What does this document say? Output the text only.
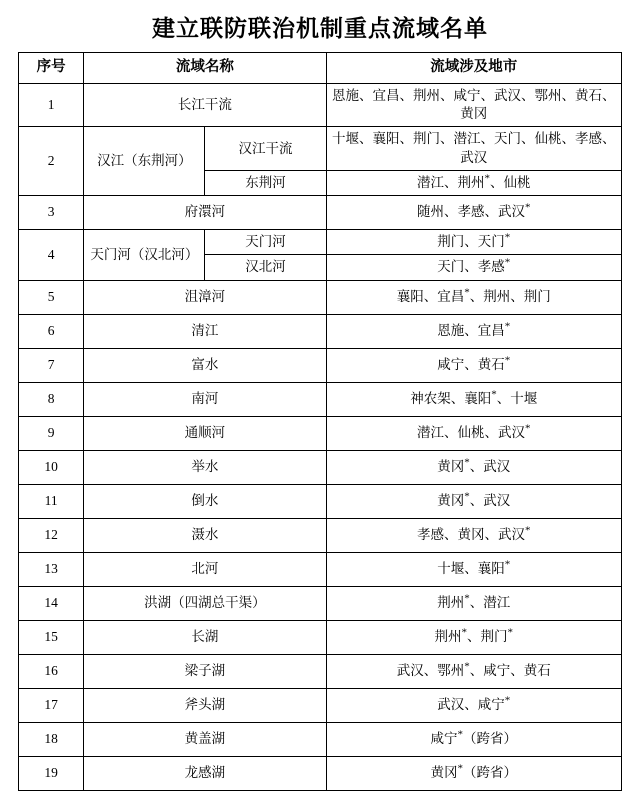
建立联防联治机制重点流域名单
序号	流域名称		流域涉及地市
1	长江干流		恩施、宜昌、荆州、咸宁、武汉、鄂州、黄石、黄冈
2	汉江（东荆河）	汉江干流	十堰、襄阳、荆门、潜江、天门、仙桃、孝感、武汉
		东荆河	潜江、荆州*、仙桃
3	府澴河		随州、孝感、武汉*
4	天门河（汉北河）	天门河	荆门、天门*
		汉北河	天门、孝感*
5	沮漳河		襄阳、宜昌*、荆州、荆门
6	清江		恩施、宜昌*
7	富水		咸宁、黄石*
8	南河		神农架、襄阳*、十堰
9	通顺河		潜江、仙桃、武汉*
10	举水		黄冈*、武汉
11	倒水		黄冈*、武汉
12	滠水		孝感、黄冈、武汉*
13	北河		十堰、襄阳*
14	洪湖（四湖总干渠）		荆州*、潜江
15	长湖		荆州*、荆门*
16	梁子湖		武汉、鄂州*、咸宁、黄石
17	斧头湖		武汉、咸宁*
18	黄盖湖		咸宁*（跨省）
19	龙感湖		黄冈*（跨省）
